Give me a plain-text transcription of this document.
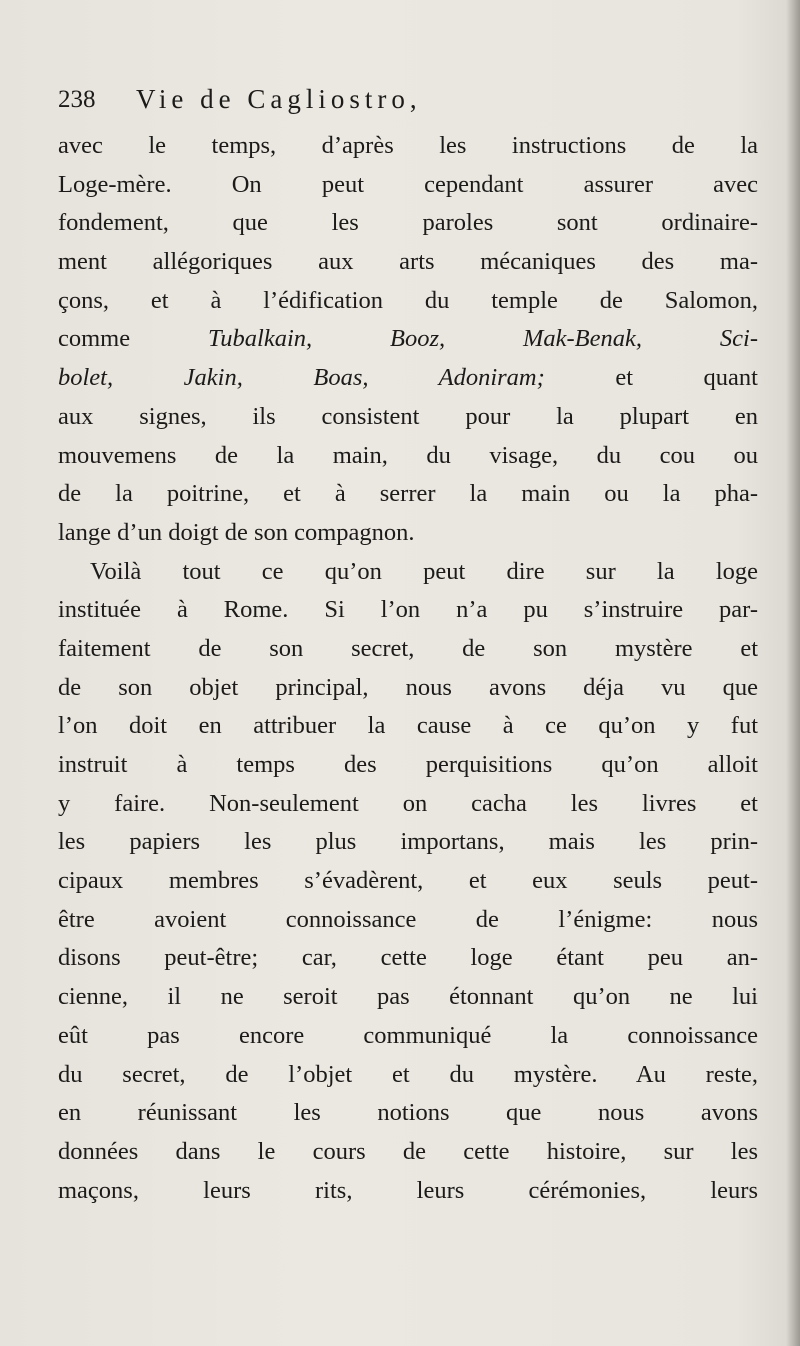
238 Vie de Cagliostro,
avec le temps, d’après les instructions de la
Loge-mère. On peut cependant assurer avec
fondement, que les paroles sont ordinaire-
ment allégoriques aux arts mécaniques des ma-
çons, et à l’édification du temple de Salomon,
comme Tubalkain, Booz, Mak-Benak, Sci-
bolet, Jakin, Boas, Adoniram; et quant
aux signes, ils consistent pour la plupart en
mouvemens de la main, du visage, du cou ou
de la poitrine, et à serrer la main ou la pha-
lange d’un doigt de son compagnon.
Voilà tout ce qu’on peut dire sur la loge
instituée à Rome. Si l’on n’a pu s’instruire par-
faitement de son secret, de son mystère et
de son objet principal, nous avons déja vu que
l’on doit en attribuer la cause à ce qu’on y fut
instruit à temps des perquisitions qu’on alloit
y faire. Non-seulement on cacha les livres et
les papiers les plus importans, mais les prin-
cipaux membres s’évadèrent, et eux seuls peut-
être avoient connoissance de l’énigme: nous
disons peut-être; car, cette loge étant peu an-
cienne, il ne seroit pas étonnant qu’on ne lui
eût pas encore communiqué la connoissance
du secret, de l’objet et du mystère. Au reste,
en réunissant les notions que nous avons
données dans le cours de cette histoire, sur les
maçons, leurs rits, leurs cérémonies, leurs
